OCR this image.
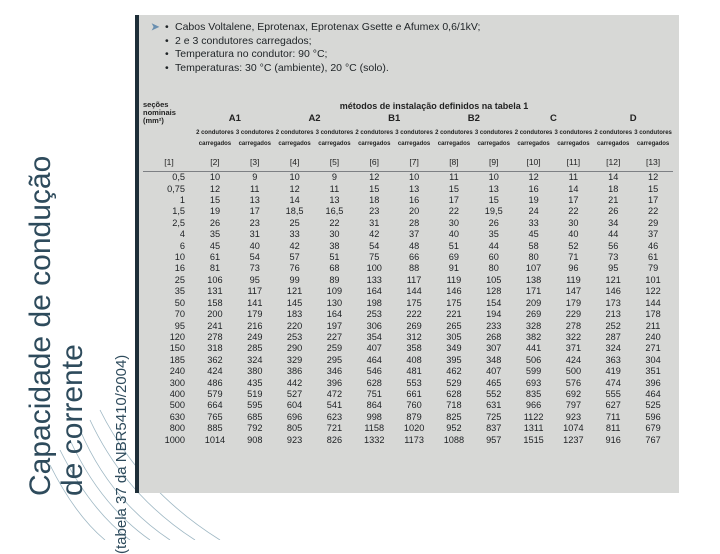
Capacidade de condução de corrente (tabela 37 da NBR5410/2004)
➤ • Cabos Voltalene, Eprotenax, Eprotenax Gsette e Afumex 0,6/1kV;
• 2 e 3 condutores carregados;
• Temperatura no condutor: 90 °C;
• Temperaturas: 30 °C (ambiente), 20 °C (solo).
seções nominais (mm²)	métodos de instalação definidos na tabela 1											
	A1		A2		B1		B2		C		D	
	2 condutores carregados	3 condutores carregados	2 condutores carregados	3 condutores carregados	2 condutores carregados	3 condutores carregados	2 condutores carregados	3 condutores carregados	2 condutores carregados	3 condutores carregados	2 condutores carregados	3 condutores carregados
[1]	[2]	[3]	[4]	[5]	[6]	[7]	[8]	[9]	[10]	[11]	[12]	[13]
0,5	10	9	10	9	12	10	11	10	12	11	14	12
0,75	12	11	12	11	15	13	15	13	16	14	18	15
1	15	13	14	13	18	16	17	15	19	17	21	17
1,5	19	17	18,5	16,5	23	20	22	19,5	24	22	26	22
2,5	26	23	25	22	31	28	30	26	33	30	34	29
4	35	31	33	30	42	37	40	35	45	40	44	37
6	45	40	42	38	54	48	51	44	58	52	56	46
10	61	54	57	51	75	66	69	60	80	71	73	61
16	81	73	76	68	100	88	91	80	107	96	95	79
25	106	95	99	89	133	117	119	105	138	119	121	101
35	131	117	121	109	164	144	146	128	171	147	146	122
50	158	141	145	130	198	175	175	154	209	179	173	144
70	200	179	183	164	253	222	221	194	269	229	213	178
95	241	216	220	197	306	269	265	233	328	278	252	211
120	278	249	253	227	354	312	305	268	382	322	287	240
150	318	285	290	259	407	358	349	307	441	371	324	271
185	362	324	329	295	464	408	395	348	506	424	363	304
240	424	380	386	346	546	481	462	407	599	500	419	351
300	486	435	442	396	628	553	529	465	693	576	474	396
400	579	519	527	472	751	661	628	552	835	692	555	464
500	664	595	604	541	864	760	718	631	966	797	627	525
630	765	685	696	623	998	879	825	725	1122	923	711	596
800	885	792	805	721	1158	1020	952	837	1311	1074	811	679
1000	1014	908	923	826	1332	1173	1088	957	1515	1237	916	767
